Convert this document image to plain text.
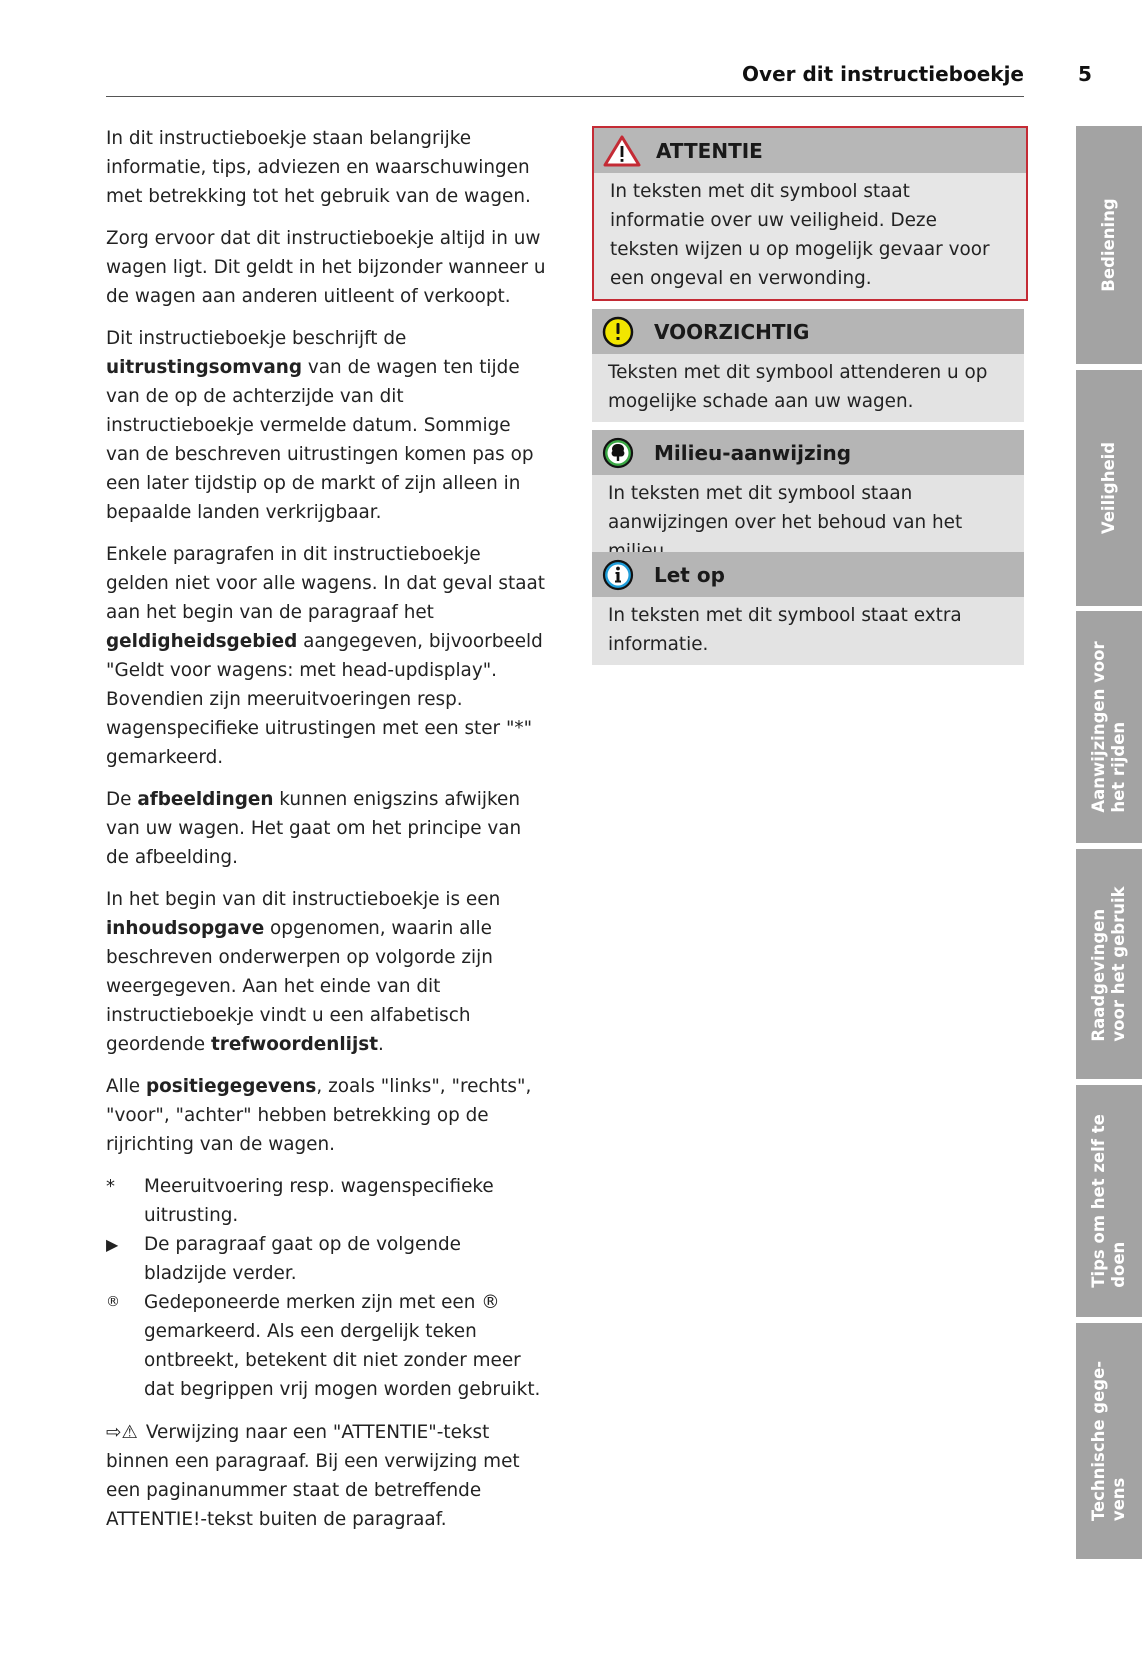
Over dit instructieboekje	5

In dit instructieboekje staan belangrijke informatie, tips, adviezen en waarschuwingen met betrekking tot het gebruik van de wagen.

Zorg ervoor dat dit instructieboekje altijd in uw wagen ligt. Dit geldt in het bijzonder wanneer u de wagen aan anderen uitleent of verkoopt.

Dit instructieboekje beschrijft de uitrustingsomvang van de wagen ten tijde van de op de achterzijde van dit instructieboekje vermelde datum. Sommige van de beschreven uitrustingen komen pas op een later tijdstip op de markt of zijn alleen in bepaalde landen verkrijgbaar.

Enkele paragrafen in dit instructieboekje gelden niet voor alle wagens. In dat geval staat aan het begin van de paragraaf het geldigheidsgebied aangegeven, bijvoorbeeld "Geldt voor wagens: met head-updisplay". Bovendien zijn meeruitvoeringen resp. wagenspecifieke uitrustingen met een ster "*" gemarkeerd.

De afbeeldingen kunnen enigszins afwijken van uw wagen. Het gaat om het principe van de afbeelding.

In het begin van dit instructieboekje is een inhoudsopgave opgenomen, waarin alle beschreven onderwerpen op volgorde zijn weergegeven. Aan het einde van dit instructieboekje vindt u een alfabetisch geordende trefwoordenlijst.

Alle positiegegevens, zoals "links", "rechts", "voor", "achter" hebben betrekking op de rijrichting van de wagen.

*	Meeruitvoering resp. wagenspecifieke uitrusting.
▶	De paragraaf gaat op de volgende bladzijde verder.
®	Gedeponeerde merken zijn met een ® gemarkeerd. Als een dergelijk teken ontbreekt, betekent dit niet zonder meer dat begrippen vrij mogen worden gebruikt.

⇨⚠ Verwijzing naar een "ATTENTIE"-tekst binnen een paragraaf. Bij een verwijzing met een paginanummer staat de betreffende ATTENTIE!-tekst buiten de paragraaf.

ATTENTIE
In teksten met dit symbool staat informatie over uw veiligheid. Deze teksten wijzen u op mogelijk gevaar voor een ongeval en verwonding.
VOORZICHTIG
Teksten met dit symbool attenderen u op mogelijke schade aan uw wagen.
Milieu-aanwijzing
In teksten met dit symbool staan aanwijzingen over het behoud van het
Let op
In teksten met dit symbool staat extra informatie.
Bediening
Veiligheid
Aanwijzingen voor het rijden
Raadgevingen voor het gebruik
Tips om het zelf te doen
Technische gege- vens
